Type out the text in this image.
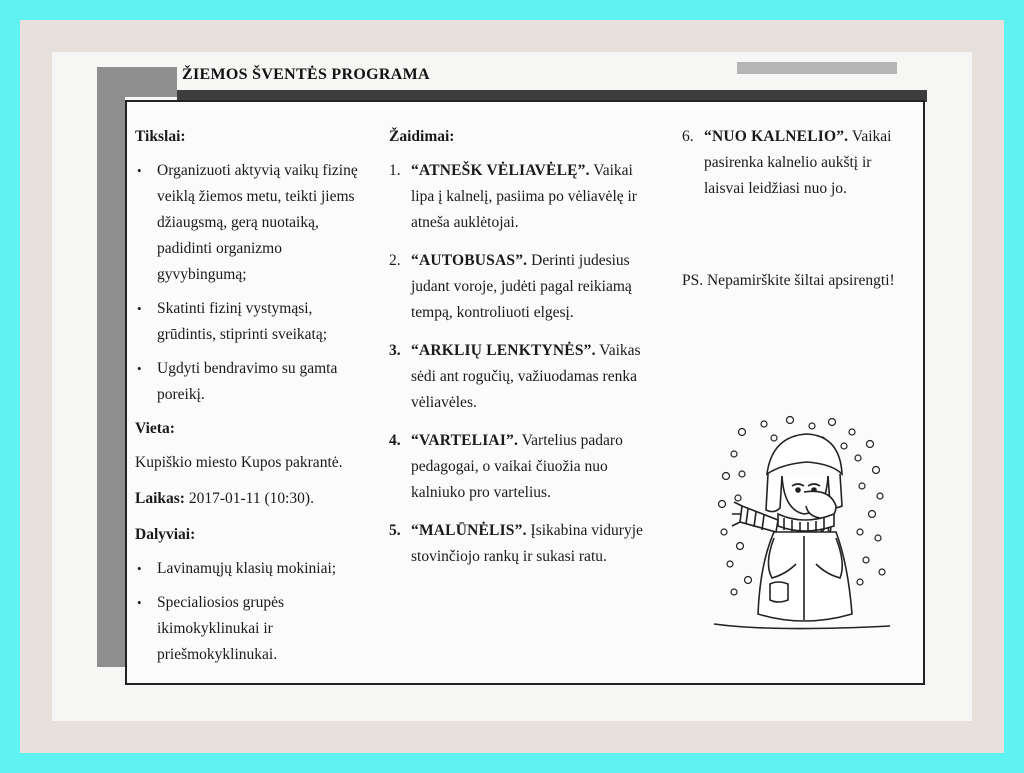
ŽIEMOS ŠVENTĖS PROGRAMA
Tikslai:
• Organizuoti aktyvią vaikų fizinę veiklą žiemos metu, teikti jiems džiaugsmą, gerą nuotaiką, padidinti organizmo gyvybingumą;
• Skatinti fizinį vystymąsi, grūdintis, stiprinti sveikatą;
• Ugdyti bendravimo su gamta poreikį.
Vieta:
Kupiškio miesto Kupos pakrantė.
Laikas: 2017-01-11 (10:30).
Dalyviai:
• Lavinamųjų klasių mokiniai;
• Specialiosios grupės ikimokyklinukai ir priešmokyklinukai.
Žaidimai:
1. “ATNEŠK VĖLIAVĖLĘ”. Vaikai lipa į kalnelį, pasiima po vėliavėlę ir atneša auklėtojai.
2. “AUTOBUSAS”. Derinti judesius judant voroje, judėti pagal reikiamą tempą, kontroliuoti elgesį.
3. “ARKLIŲ LENKTYNĖS”. Vaikas sėdi ant rogučių, važiuodamas renka vėliavėles.
4. “VARTELIAI”. Vartelius padaro pedagogai, o vaikai čiuožia nuo kalniuko pro vartelius.
5. “MALŪNĖLIS”. Įsikabina viduryje stovinčiojo rankų ir sukasi ratu.
6. “NUO KALNELIO”. Vaikai pasirenka kalnelio aukštį ir laisvai leidžiasi nuo jo.
PS. Nepamirškite šiltai apsirengti!
